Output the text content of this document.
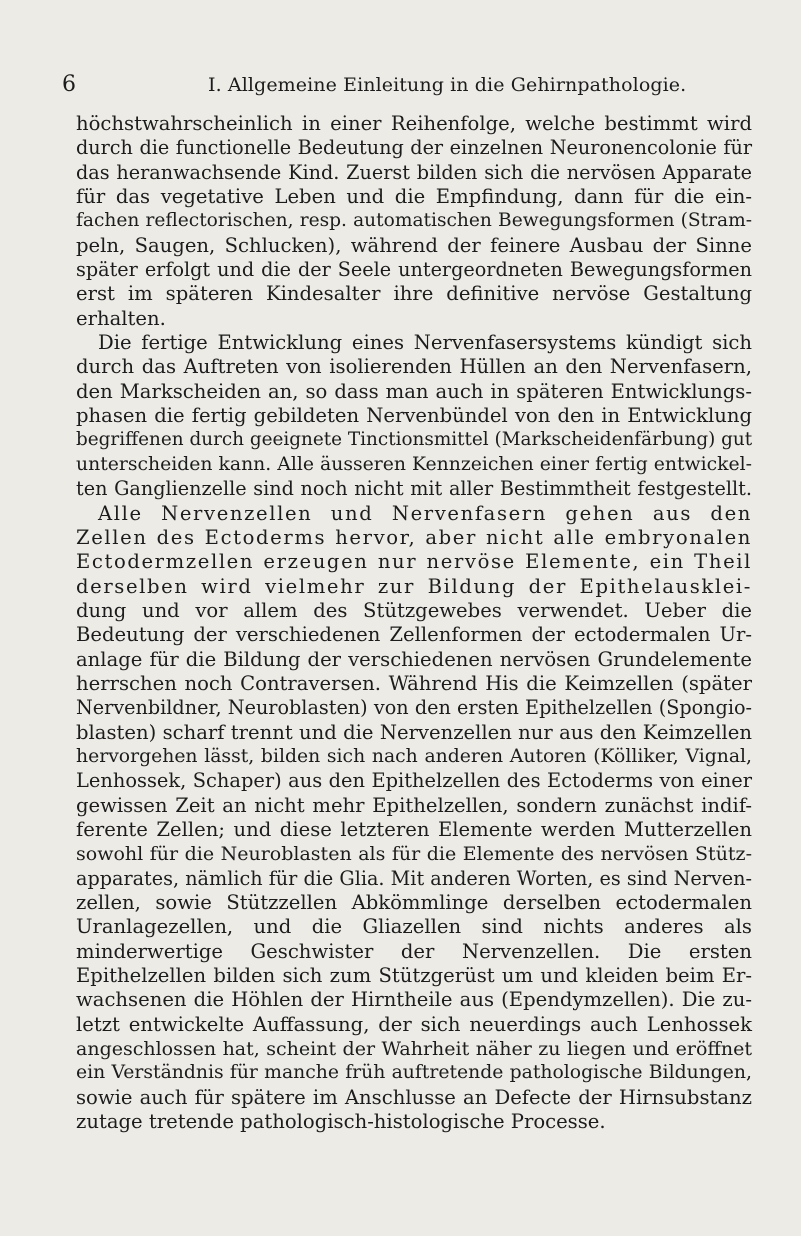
6	I. Allgemeine Einleitung in die Gehirnpathologie.
höchstwahrscheinlich in einer Reihenfolge, welche bestimmt wird
durch die functionelle Bedeutung der einzelnen Neuronencolonie für
das heranwachsende Kind. Zuerst bilden sich die nervösen Apparate
für das vegetative Leben und die Empfindung, dann für die ein-
fachen reflectorischen, resp. automatischen Bewegungsformen (Stram-
peln, Saugen, Schlucken), während der feinere Ausbau der Sinne
später erfolgt und die der Seele untergeordneten Bewegungsformen
erst im späteren Kindesalter ihre definitive nervöse Gestaltung
erhalten.
Die fertige Entwicklung eines Nervenfasersystems kündigt sich
durch das Auftreten von isolierenden Hüllen an den Nervenfasern,
den Markscheiden an, so dass man auch in späteren Entwicklungs-
phasen die fertig gebildeten Nervenbündel von den in Entwicklung
begriffenen durch geeignete Tinctionsmittel (Markscheidenfärbung) gut
unterscheiden kann. Alle äusseren Kennzeichen einer fertig entwickel-
ten Ganglienzelle sind noch nicht mit aller Bestimmtheit festgestellt.
Alle Nervenzellen und Nervenfasern gehen aus den
Zellen des Ectoderms hervor, aber nicht alle embryonalen
Ectodermzellen erzeugen nur nervöse Elemente, ein Theil
derselben wird vielmehr zur Bildung der Epithelausklei-
dung und vor allem des Stützgewebes verwendet. Ueber die
Bedeutung der verschiedenen Zellenformen der ectodermalen Ur-
anlage für die Bildung der verschiedenen nervösen Grundelemente
herrschen noch Contraversen. Während His die Keimzellen (später
Nervenbildner, Neuroblasten) von den ersten Epithelzellen (Spongio-
blasten) scharf trennt und die Nervenzellen nur aus den Keimzellen
hervorgehen lässt, bilden sich nach anderen Autoren (Kölliker, Vignal,
Lenhossek, Schaper) aus den Epithelzellen des Ectoderms von einer
gewissen Zeit an nicht mehr Epithelzellen, sondern zunächst indif-
ferente Zellen; und diese letzteren Elemente werden Mutterzellen
sowohl für die Neuroblasten als für die Elemente des nervösen Stütz-
apparates, nämlich für die Glia. Mit anderen Worten, es sind Nerven-
zellen, sowie Stützzellen Abkömmlinge derselben ectodermalen
Uranlagezellen, und die Gliazellen sind nichts anderes als
minderwertige Geschwister der Nervenzellen. Die ersten
Epithelzellen bilden sich zum Stützgerüst um und kleiden beim Er-
wachsenen die Höhlen der Hirntheile aus (Ependymzellen). Die zu-
letzt entwickelte Auffassung, der sich neuerdings auch Lenhossek
angeschlossen hat, scheint der Wahrheit näher zu liegen und eröffnet
ein Verständnis für manche früh auftretende pathologische Bildungen,
sowie auch für spätere im Anschlusse an Defecte der Hirnsubstanz
zutage tretende pathologisch-histologische Processe.
